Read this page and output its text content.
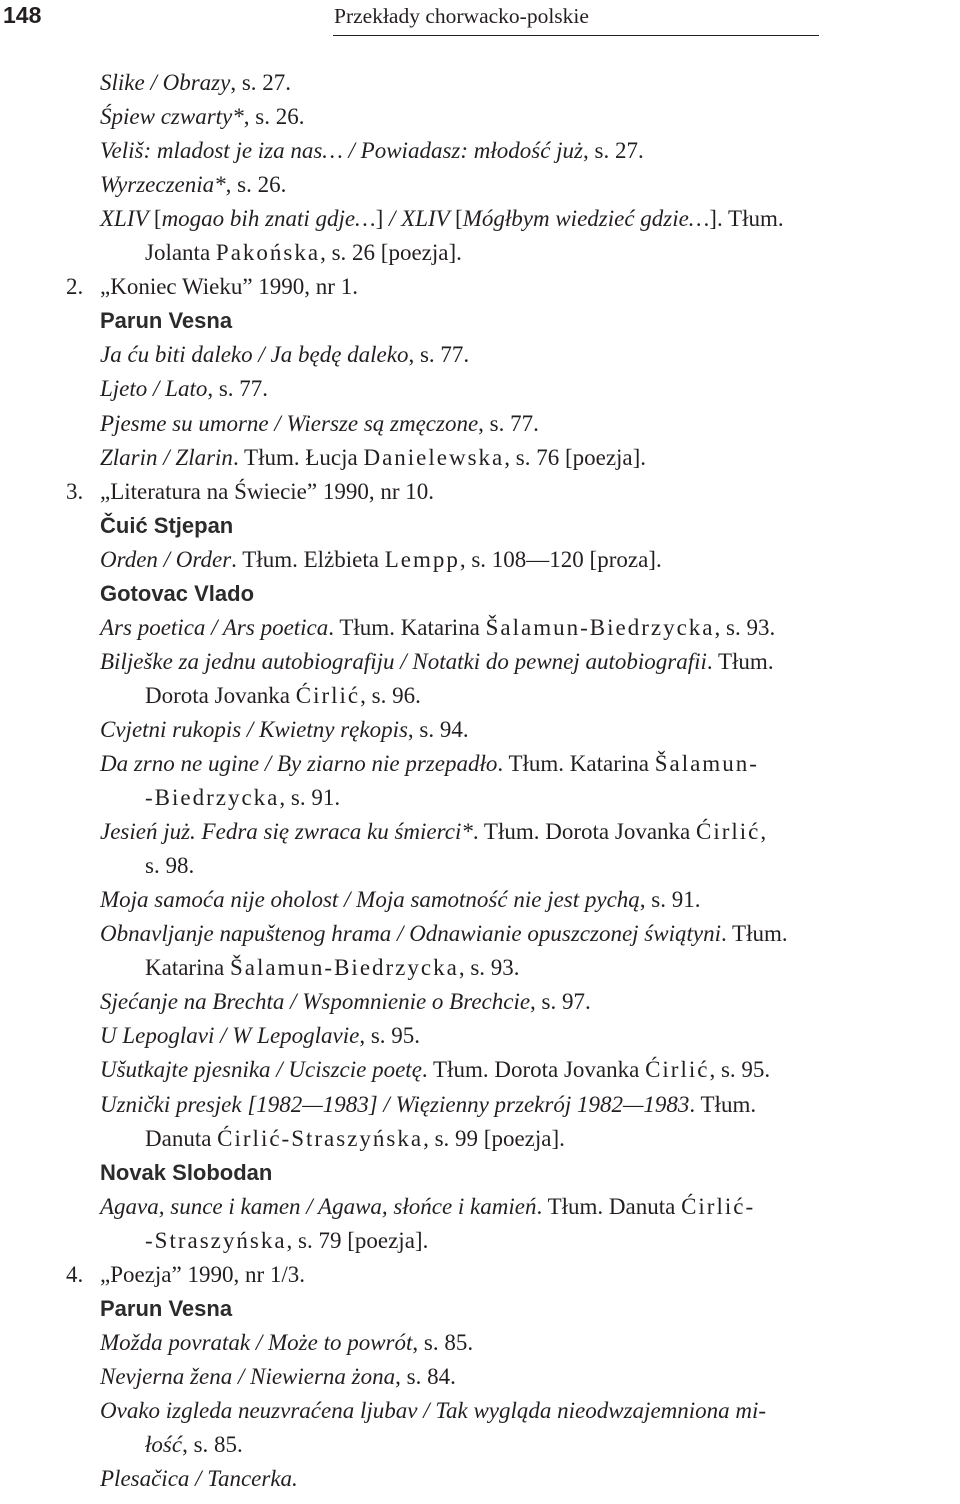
148	Przekłady chorwacko-polskie
Slike / Obrazy, s. 27.
Śpiew czwarty*, s. 26.
Veliš: mladost je iza nas… / Powiadasz: młodość już, s. 27.
Wyrzeczenia*, s. 26.
XLIV [mogao bih znati gdje…] / XLIV [Mógłbym wiedzieć gdzie…]. Tłum.
Jolanta Pakońska, s. 26 [poezja].
2. „Koniec Wieku” 1990, nr 1.
Parun Vesna
Ja ću biti daleko / Ja będę daleko, s. 77.
Ljeto / Lato, s. 77.
Pjesme su umorne / Wiersze są zmęczone, s. 77.
Zlarin / Zlarin. Tłum. Łucja Danielewska, s. 76 [poezja].
3. „Literatura na Świecie” 1990, nr 10.
Čuić Stjepan
Orden / Order. Tłum. Elżbieta Lempp, s. 108—120 [proza].
Gotovac Vlado
Ars poetica / Ars poetica. Tłum. Katarina Šalamun-Biedrzycka, s. 93.
Bilješke za jednu autobiografiju / Notatki do pewnej autobiografii. Tłum.
Dorota Jovanka Ćirlić, s. 96.
Cvjetni rukopis / Kwietny rękopis, s. 94.
Da zrno ne ugine / By ziarno nie przepadło. Tłum. Katarina Šalamun-
-Biedrzycka, s. 91.
Jesień już. Fedra się zwraca ku śmierci*. Tłum. Dorota Jovanka Ćirlić,
s. 98.
Moja samoća nije oholost / Moja samotność nie jest pychą, s. 91.
Obnavljanje napuštenog hrama / Odnawianie opuszczonej świątyni. Tłum.
Katarina Šalamun-Biedrzycka, s. 93.
Sjećanje na Brechta / Wspomnienie o Brechcie, s. 97.
U Lepoglavi / W Lepoglavie, s. 95.
Ušutkajte pjesnika / Uciszcie poetę. Tłum. Dorota Jovanka Ćirlić, s. 95.
Uznički presjek [1982—1983] / Więzienny przekrój 1982—1983. Tłum.
Danuta Ćirlić-Straszyńska, s. 99 [poezja].
Novak Slobodan
Agava, sunce i kamen / Agawa, słońce i kamień. Tłum. Danuta Ćirlić-
-Straszyńska, s. 79 [poezja].
4. „Poezja” 1990, nr 1/3.
Parun Vesna
Možda povratak / Może to powrót, s. 85.
Nevjerna žena / Niewierna żona, s. 84.
Ovako izgleda neuzvraćena ljubav / Tak wygląda nieodwzajemniona mi-
łość, s. 85.
Plesačica / Tancerka.
